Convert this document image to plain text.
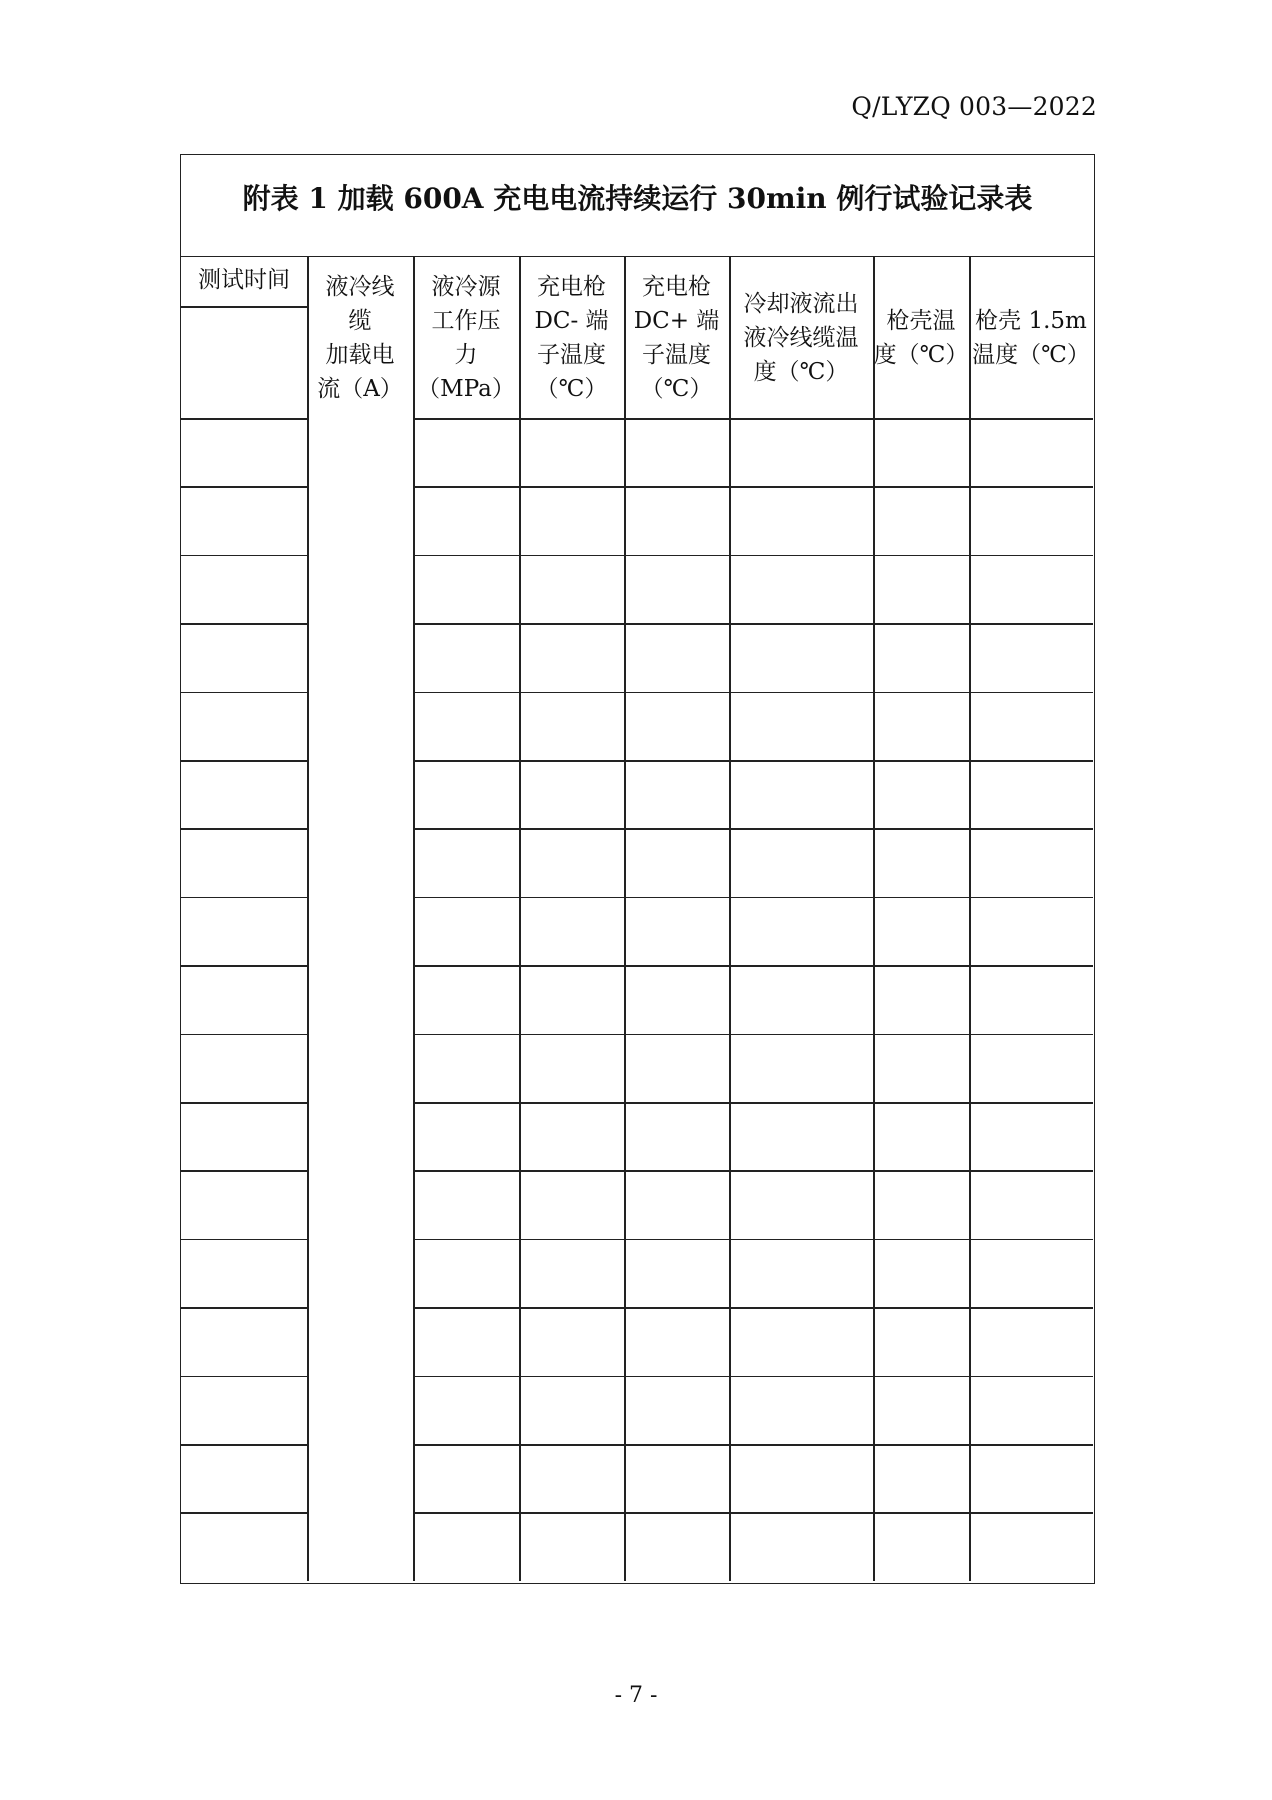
Q/LYZQ 003—2022
附表 1 加载 600A 充电电流持续运行 30min 例行试验记录表
测试时间	液冷线
缆
加载电
流（A）
液冷源
工作压
力
（MPa）
充电枪
DC- 端
子温度
（℃）
充电枪
DC+ 端
子温度
（℃）
冷却液流出
液冷线缆温
度（℃）
枪壳温
度（℃）
枪壳 1.5m
温度（℃）
- 7 -
